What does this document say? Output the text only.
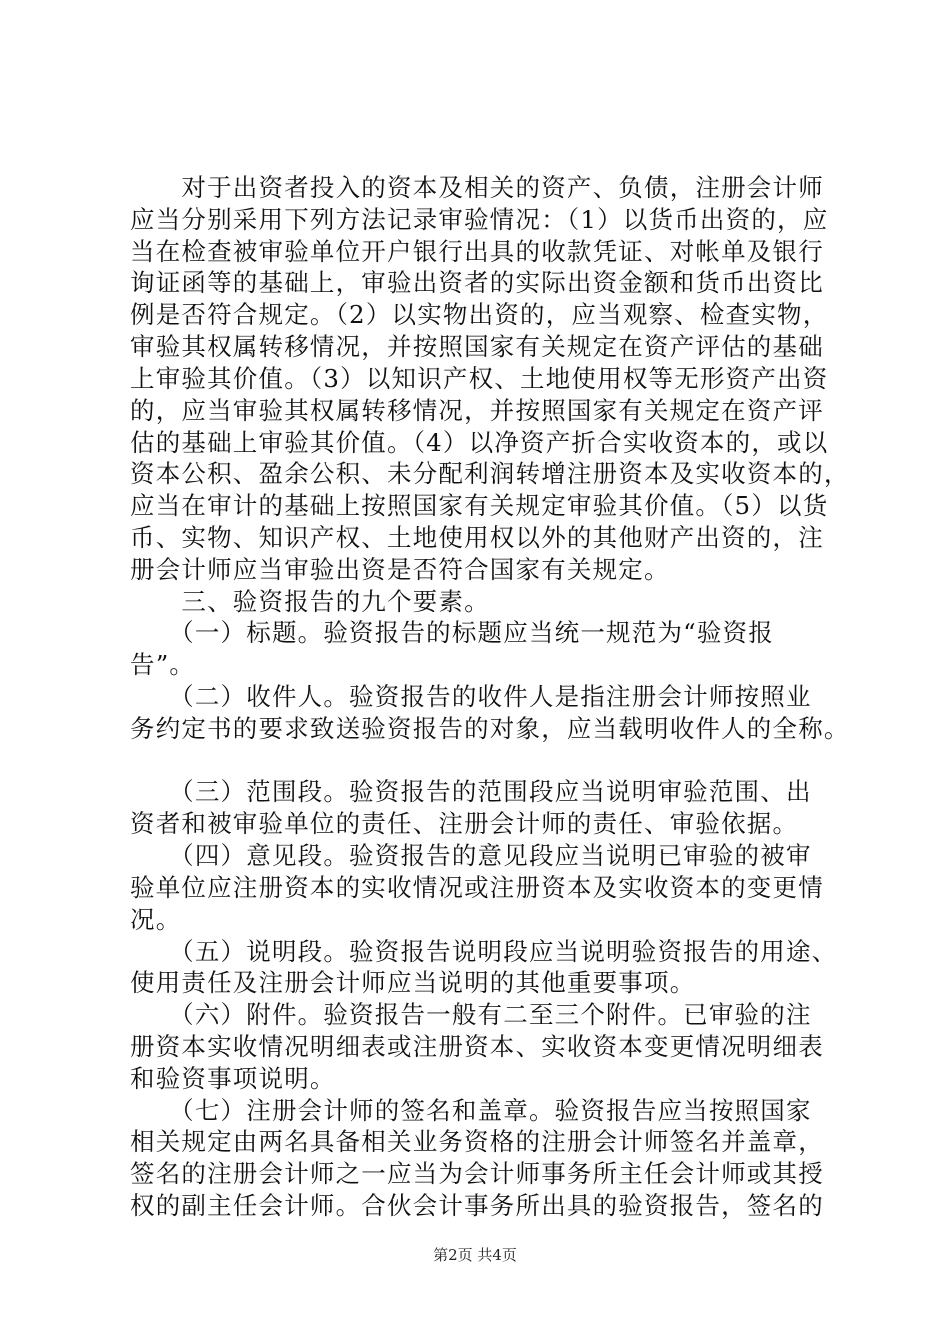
　　对于出资者投入的资本及相关的资产、负债，注册会计师
应当分别采用下列方法记录审验情况：（1）以货币出资的，应
当在检查被审验单位开户银行出具的收款凭证、对帐单及银行
询证函等的基础上，审验出资者的实际出资金额和货币出资比
例是否符合规定。（2）以实物出资的，应当观察、检查实物，
审验其权属转移情况，并按照国家有关规定在资产评估的基础
上审验其价值。（3）以知识产权、土地使用权等无形资产出资
的，应当审验其权属转移情况，并按照国家有关规定在资产评
估的基础上审验其价值。（4）以净资产折合实收资本的，或以
资本公积、盈余公积、未分配利润转增注册资本及实收资本的，
应当在审计的基础上按照国家有关规定审验其价值。（5）以货
币、实物、知识产权、土地使用权以外的其他财产出资的，注
册会计师应当审验出资是否符合国家有关规定。
　　三、验资报告的九个要素。
　　（一）标题。验资报告的标题应当统一规范为“验资报
告”。
　　（二）收件人。验资报告的收件人是指注册会计师按照业
务约定书的要求致送验资报告的对象，应当载明收件人的全称。
　　（三）范围段。验资报告的范围段应当说明审验范围、出
资者和被审验单位的责任、注册会计师的责任、审验依据。
　　（四）意见段。验资报告的意见段应当说明已审验的被审
验单位应注册资本的实收情况或注册资本及实收资本的变更情
况。
　　（五）说明段。验资报告说明段应当说明验资报告的用途、
使用责任及注册会计师应当说明的其他重要事项。
　　（六）附件。验资报告一般有二至三个附件。已审验的注
册资本实收情况明细表或注册资本、实收资本变更情况明细表
和验资事项说明。
　　（七）注册会计师的签名和盖章。验资报告应当按照国家
相关规定由两名具备相关业务资格的注册会计师签名并盖章，
签名的注册会计师之一应当为会计师事务所主任会计师或其授
权的副主任会计师。合伙会计事务所出具的验资报告，签名的
第2页 共4页
